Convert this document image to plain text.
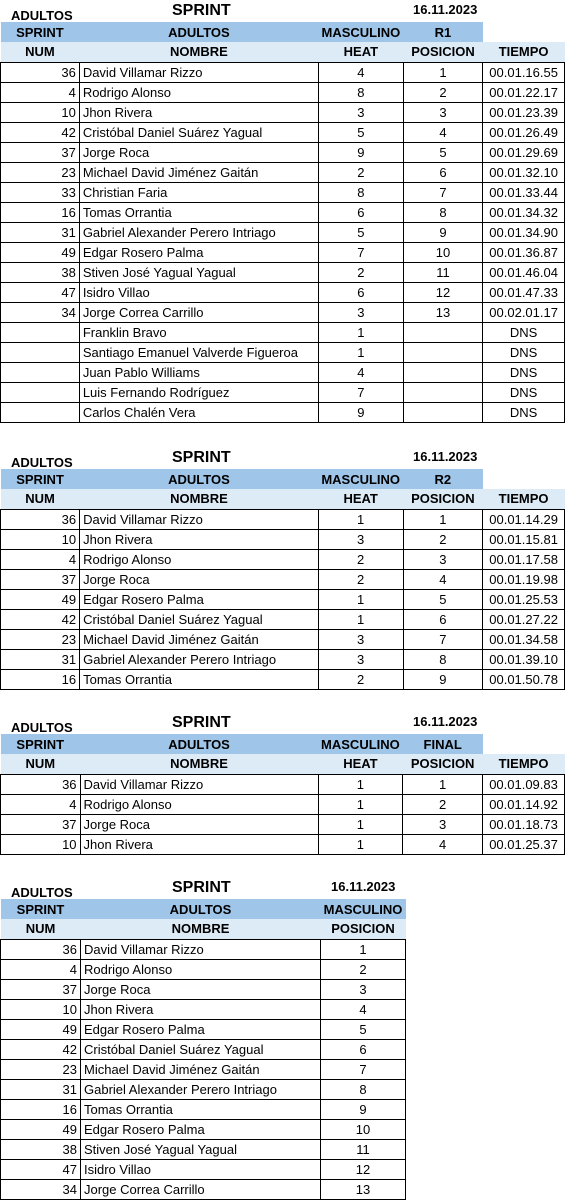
ADULTOS	SPRINT	16.11.2023
SPRINT	ADULTOS	MASCULINO	R1	
NUM	NOMBRE	HEAT	POSICION	TIEMPO
36	David Villamar Rizzo	4	1	00.01.16.55
4	Rodrigo Alonso	8	2	00.01.22.17
10	Jhon Rivera	3	3	00.01.23.39
42	Cristóbal Daniel Suárez Yagual	5	4	00.01.26.49
37	Jorge Roca	9	5	00.01.29.69
23	Michael David Jiménez Gaitán	2	6	00.01.32.10
33	Christian Faria	8	7	00.01.33.44
16	Tomas Orrantia	6	8	00.01.34.32
31	Gabriel Alexander Perero Intriago	5	9	00.01.34.90
49	Edgar Rosero Palma	7	10	00.01.36.87
38	Stiven José Yagual Yagual	2	11	00.01.46.04
47	Isidro Villao	6	12	00.01.47.33
34	Jorge Correa Carrillo	3	13	00.02.01.17
	Franklin Bravo	1		DNS
	Santiago Emanuel Valverde Figueroa	1		DNS
	Juan Pablo Williams	4		DNS
	Luis Fernando Rodríguez	7		DNS
	Carlos Chalén Vera	9		DNS
ADULTOS	SPRINT	16.11.2023
SPRINT	ADULTOS	MASCULINO	R2	
NUM	NOMBRE	HEAT	POSICION	TIEMPO
36	David Villamar Rizzo	1	1	00.01.14.29
10	Jhon Rivera	3	2	00.01.15.81
4	Rodrigo Alonso	2	3	00.01.17.58
37	Jorge Roca	2	4	00.01.19.98
49	Edgar Rosero Palma	1	5	00.01.25.53
42	Cristóbal Daniel Suárez Yagual	1	6	00.01.27.22
23	Michael David Jiménez Gaitán	3	7	00.01.34.58
31	Gabriel Alexander Perero Intriago	3	8	00.01.39.10
16	Tomas Orrantia	2	9	00.01.50.78
ADULTOS	SPRINT	16.11.2023
SPRINT	ADULTOS	MASCULINO	FINAL	
NUM	NOMBRE	HEAT	POSICION	TIEMPO
36	David Villamar Rizzo	1	1	00.01.09.83
4	Rodrigo Alonso	1	2	00.01.14.92
37	Jorge Roca	1	3	00.01.18.73
10	Jhon Rivera	1	4	00.01.25.37
ADULTOS	SPRINT	16.11.2023
SPRINT	ADULTOS	MASCULINO
NUM	NOMBRE	POSICION
36	David Villamar Rizzo	1
4	Rodrigo Alonso	2
37	Jorge Roca	3
10	Jhon Rivera	4
49	Edgar Rosero Palma	5
42	Cristóbal Daniel Suárez Yagual	6
23	Michael David Jiménez Gaitán	7
31	Gabriel Alexander Perero Intriago	8
16	Tomas Orrantia	9
49	Edgar Rosero Palma	10
38	Stiven José Yagual Yagual	11
47	Isidro Villao	12
34	Jorge Correa Carrillo	13
